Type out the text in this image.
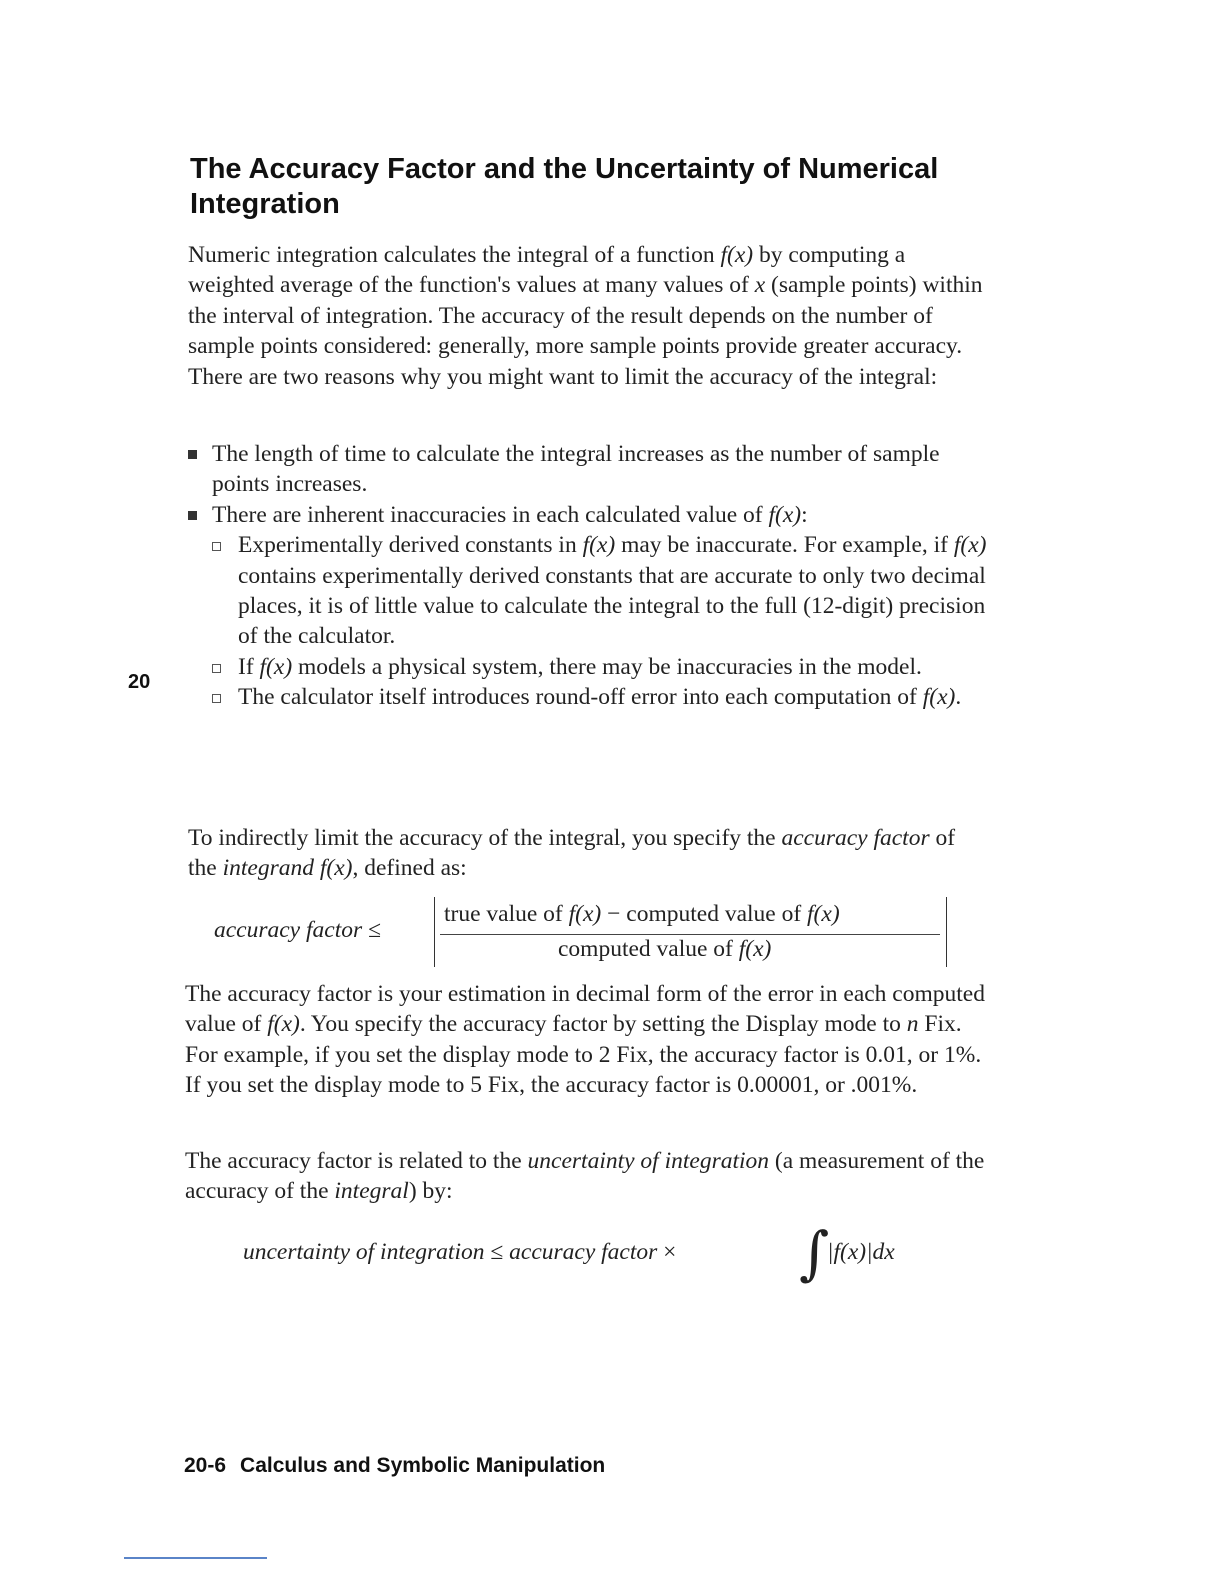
The Accuracy Factor and the Uncertainty of Numerical
Integration

Numeric integration calculates the integral of a function f(x) by computing a weighted average of the function's values at many values of x (sample points) within the interval of integration. The accuracy of the result depends on the number of sample points considered: generally, more sample points provide greater accuracy. There are two reasons why you might want to limit the accuracy of the integral:

The length of time to calculate the integral increases as the number of sample points increases.
There are inherent inaccuracies in each calculated value of f(x):
Experimentally derived constants in f(x) may be inaccurate. For example, if f(x) contains experimentally derived constants that are accurate to only two decimal places, it is of little value to calculate the integral to the full (12-digit) precision of the calculator.
If f(x) models a physical system, there may be inaccuracies in the model.
The calculator itself introduces round-off error into each computation of f(x).
20

To indirectly limit the accuracy of the integral, you specify the accuracy factor of the integrand f(x), defined as:

accuracy factor ≤
true value of f(x) − computed value of f(x)
computed value of f(x)

The accuracy factor is your estimation in decimal form of the error in each computed value of f(x). You specify the accuracy factor by setting the Display mode to n Fix. For example, if you set the display mode to 2 Fix, the accuracy factor is 0.01, or 1%. If you set the display mode to 5 Fix, the accuracy factor is 0.00001, or .001%.

The accuracy factor is related to the uncertainty of integration (a measurement of the accuracy of the integral) by:

uncertainty of integration ≤ accuracy factor × ∫
|f(x)|dx
20-6 Calculus and Symbolic Manipulation
